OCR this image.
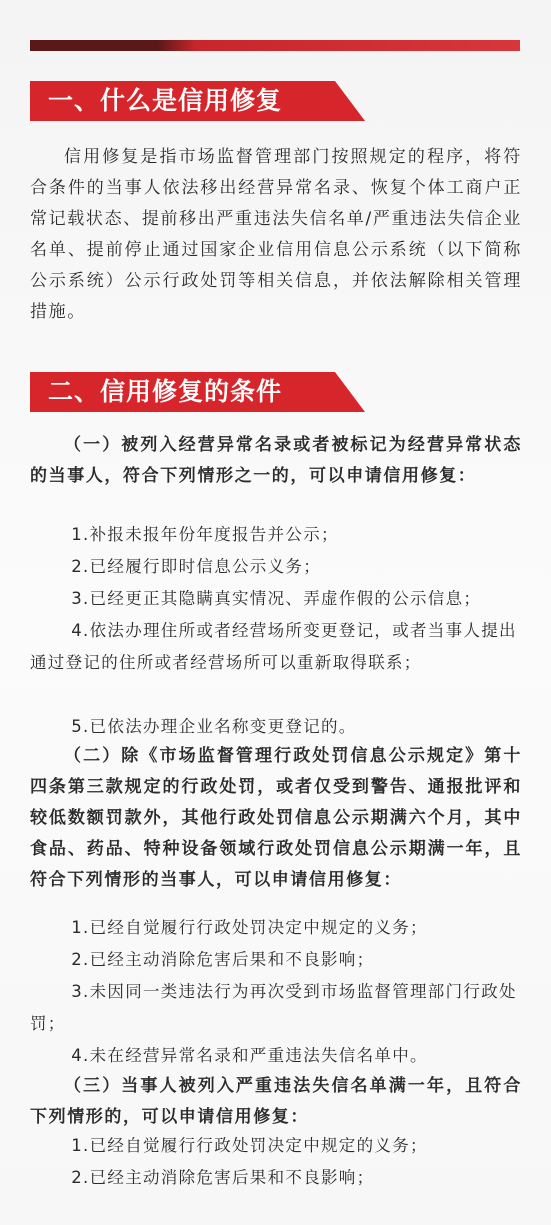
一、什么是信用修复

信用修复是指市场监督管理部门按照规定的程序，将符合条件的当事人依法移出经营异常名录、恢复个体工商户正常记载状态、提前移出严重违法失信名单/严重违法失信企业名单、提前停止通过国家企业信用信息公示系统（以下简称公示系统）公示行政处罚等相关信息，并依法解除相关管理措施。

二、信用修复的条件

（一）被列入经营异常名录或者被标记为经营异常状态的当事人，符合下列情形之一的，可以申请信用修复：

1.补报未报年份年度报告并公示；

2.已经履行即时信息公示义务；

3.已经更正其隐瞒真实情况、弄虚作假的公示信息；

4.依法办理住所或者经营场所变更登记，或者当事人提出通过登记的住所或者经营场所可以重新取得联系；

5.已依法办理企业名称变更登记的。

（二）除《市场监督管理行政处罚信息公示规定》第十四条第三款规定的行政处罚，或者仅受到警告、通报批评和较低数额罚款外，其他行政处罚信息公示期满六个月，其中食品、药品、特种设备领域行政处罚信息公示期满一年，且符合下列情形的当事人，可以申请信用修复：

1.已经自觉履行行政处罚决定中规定的义务；

2.已经主动消除危害后果和不良影响；

3.未因同一类违法行为再次受到市场监督管理部门行政处罚；

4.未在经营异常名录和严重违法失信名单中。

（三）当事人被列入严重违法失信名单满一年，且符合下列情形的，可以申请信用修复：

1.已经自觉履行行政处罚决定中规定的义务；

2.已经主动消除危害后果和不良影响；
